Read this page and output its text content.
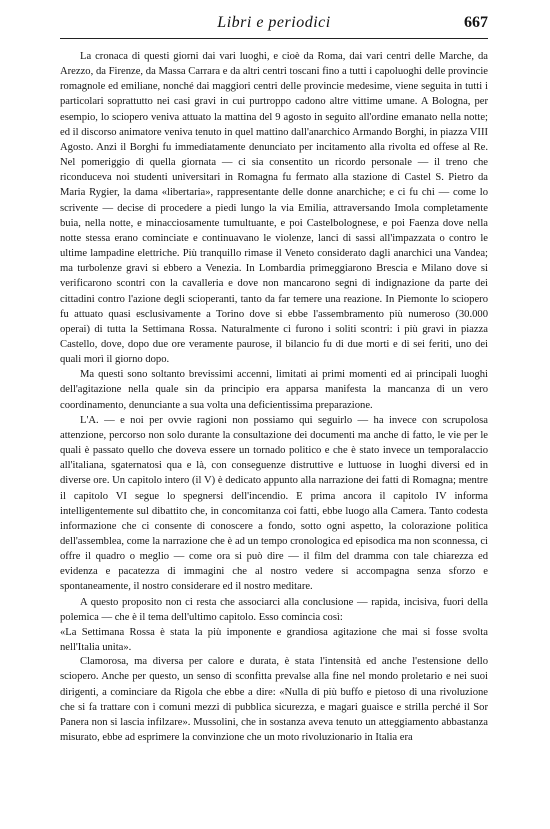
Libri e periodici	667

La cronaca di questi giorni dai vari luoghi, e cioè da Roma, dai vari centri delle Marche, da Arezzo, da Firenze, da Massa Carrara e da altri centri toscani fino a tutti i capoluoghi delle provincie romagnole ed emiliane, nonché dai maggiori centri delle provincie medesime, viene seguita in tutti i particolari soprattutto nei casi gravi in cui purtroppo cadono altre vittime umane. A Bologna, per esempio, lo sciopero veniva attuato la mattina del 9 agosto in seguito all'ordine emanato nella notte; ed il discorso animatore veniva tenuto in quel mattino dall'anarchico Armando Borghi, in piazza VIII Agosto. Anzi il Borghi fu immediatamente denunciato per incitamento alla rivolta ed offese al Re. Nel pomeriggio di quella giornata — ci sia consentito un ricordo personale — il treno che riconduceva noi studenti universitari in Romagna fu fermato alla stazione di Castel S. Pietro da Maria Rygier, la dama «libertaria», rappresentante delle donne anarchiche; e ci fu chi — come lo scrivente — decise di procedere a piedi lungo la via Emilia, attraversando Imola completamente buia, nella notte, e minacciosamente tumultuante, e poi Castelbolognese, e poi Faenza dove nella notte stessa erano cominciate e continuavano le violenze, lanci di sassi all'impazzata o contro le ultime lampadine elettriche. Più tranquillo rimase il Veneto considerato dagli anarchici una Vandea; ma turbolenze gravi si ebbero a Venezia. In Lombardia primeggiarono Brescia e Milano dove si verificarono scontri con la cavalleria e dove non mancarono segni di indignazione da parte dei cittadini contro l'azione degli scioperanti, tanto da far temere una reazione. In Piemonte lo sciopero fu attuato quasi esclusivamente a Torino dove si ebbe l'assembramento più numeroso (30.000 operai) di tutta la Settimana Rossa. Naturalmente ci furono i soliti scontri: i più gravi in piazza Castello, dove, dopo due ore veramente paurose, il bilancio fu di due morti e di sei feriti, uno dei quali morì il giorno dopo.

Ma questi sono soltanto brevissimi accenni, limitati ai primi momenti ed ai principali luoghi dell'agitazione nella quale sin da principio era apparsa manifesta la mancanza di un vero coordinamento, denunciante a sua volta una deficientissima preparazione.

L'A. — e noi per ovvie ragioni non possiamo qui seguirlo — ha invece con scrupolosa attenzione, percorso non solo durante la consultazione dei documenti ma anche di fatto, le vie per le quali è passato quello che doveva essere un tornado politico e che è stato invece un temporalaccio all'italiana, sgaternatosi qua e là, con conseguenze distruttive e luttuose in luoghi diversi ed in diverse ore. Un capitolo intero (il V) è dedicato appunto alla narrazione dei fatti di Romagna; mentre il capitolo VI segue lo spegnersi dell'incendio. E prima ancora il capitolo IV informa intelligentemente sul dibattito che, in concomitanza coi fatti, ebbe luogo alla Camera. Tanto codesta informazione che ci consente di conoscere a fondo, sotto ogni aspetto, la colorazione politica dell'assemblea, come la narrazione che è ad un tempo cronologica ed episodica ma non sconnessa, ci offre il quadro o meglio — come ora si può dire — il film del dramma con tale chiarezza ed evidenza e pacatezza di immagini che al nostro vedere si accompagna senza sforzo e spontaneamente, il nostro considerare ed il nostro meditare.

A questo proposito non ci resta che associarci alla conclusione — rapida, incisiva, fuori della polemica — che è il tema dell'ultimo capitolo. Esso comincia così:

«La Settimana Rossa è stata la più imponente e grandiosa agitazione che mai si fosse svolta nell'Italia unita».

Clamorosa, ma diversa per calore e durata, è stata l'intensità ed anche l'estensione dello sciopero. Anche per questo, un senso di sconfitta prevalse alla fine nel mondo proletario e nei suoi dirigenti, a cominciare da Rigola che ebbe a dire: «Nulla di più buffo e pietoso di una rivoluzione che si fa trattare con i comuni mezzi di pubblica sicurezza, e magari guaisce e strilla perché il Sor Panera non si lascia infilzare». Mussolini, che in sostanza aveva tenuto un atteggiamento abbastanza misurato, ebbe ad esprimere la convinzione che un moto rivoluzionario in Italia era
